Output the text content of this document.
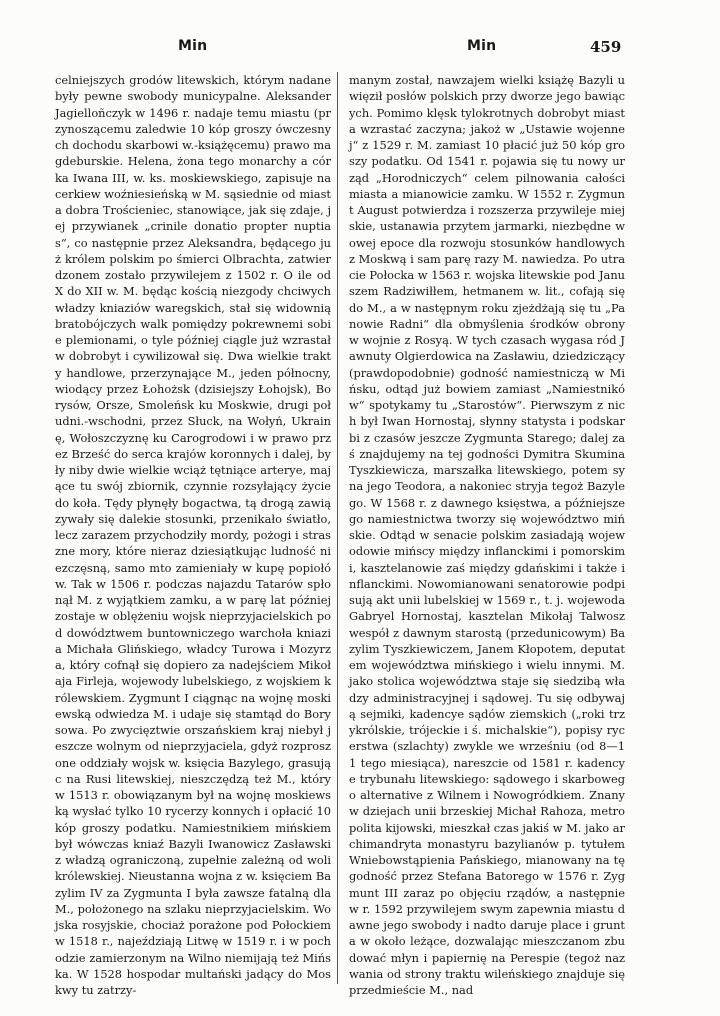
Min	Min	459

celniejszych grodów litewskich, którym nadane były pewne swobody municypalne. Aleksander Jagielloñczyk w 1496 r. nadaje temu miastu (przynoszącemu zaledwie 10 kóp groszy ówczesnych dochodu skarbowi w.-książęcemu) prawo magdeburskie. Helena, żona tego monarchy a córka Iwana III, w. ks. moskiewskiego, zapisuje na cerkiew woźniesieńską w M. sąsiednie od miasta dobra Trościeniec, stanowiące, jak się zdaje, jej przywianek „crinile donatio propter nuptias“, co następnie przez Aleksandra, będącego już królem polskim po śmierci Olbrachta, zatwierdzonem zostało przywilejem z 1502 r. O ile od X do XII w. M. będąc kością niezgody chciwych władzy kniaziów waregskich, stał się widownią bratobójczych walk pomiędzy pokrewnemi sobie plemionami, o tyle później ciągle już wzrastał w dobrobyt i cywilizował się. Dwa wielkie trakty handlowe, przerzynające M., jeden północny, wiodący przez Łohożsk (dzisiejszy Łohojsk), Borysów, Orsze, Smoleńsk ku Moskwie, drugi południ.-wschodni, przez Słuck, na Wołyń, Ukrainę, Wołoszczyznę ku Carogrodowi i w prawo przez Brześć do serca krajów koronnych i dalej, były niby dwie wielkie wciąż tętniące arterye, mające tu swój zbiornik, czynnie rozsyłający życie do koła. Tędy płynęły bogactwa, tą drogą zawiązywały się dalekie stosunki, przenikało światło, lecz zarazem przychodziły mordy, pożogi i straszne mory, które nieraz dziesiątkując ludność niezczęsną, samo mto zamieniały w kupę popiołów. Tak w 1506 r. podczas najazdu Tatarów spłonął M. z wyjątkiem zamku, a w parę lat później zostaje w oblężeniu wojsk nieprzyjacielskich pod dowództwem buntowniczego warchoła kniazia Michała Glińskiego, władcy Turowa i Mozyrza, który cofnął się dopiero za nadejściem Mikołaja Firleja, wojewody lubelskiego, z wojskiem królewskiem. Zygmunt I ciągnąc na wojnę moskiewską odwiedza M. i udaje się stamtąd do Borysowa. Po zwycięztwie orszańskiem kraj niebył jeszcze wolnym od nieprzyjaciela, gdyż rozproszone oddziały wojsk w. księcia Bazylego, grasując na Rusi litewskiej, nieszczędzą też M., który w 1513 r. obowiązanym był na wojnę moskiewską wysłać tylko 10 rycerzy konnych i opłacić 10 kóp groszy podatku. Namiestnikiem mińskiem był wówczas kniaź Bazyli Iwanowicz Zasławski z władzą ograniczoną, zupełnie zależną od woli królewskiej. Nieustanna wojna z w. księciem Bazylim IV za Zygmunta I była zawsze fatalną dla M., położonego na szlaku nieprzyjacielskim. Wojska rosyjskie, chociaż porażone pod Połockiem w 1518 r., najeździają Litwę w 1519 r. i w pochodzie zamierzonym na Wilno niemijają też Mińska. W 1528 hospodar multański jadący do Moskwy tu zatrzy-

manym został, nawzajem wielki książę Bazyli uwięził posłów polskich przy dworze jego bawiących. Pomimo klęsk tylokrotnych dobrobyt miasta wzrastać zaczyna; jakoż w „Ustawie wojennej“ z 1529 r. M. zamiast 10 płacić już 50 kóp groszy podatku. Od 1541 r. pojawia się tu nowy urząd „Horodniczych“ celem pilnowania całości miasta a mianowicie zamku. W 1552 r. Zygmunt August potwierdza i rozszerza przywileje miejskie, ustanawia przytem jarmarki, niezbędne w owej epoce dla rozwoju stosunków handlowych z Moskwą i sam parę razy M. nawiedza. Po utracie Połocka w 1563 r. wojska litewskie pod Januszem Radziwiłłem, hetmanem w. lit., cofają się do M., a w następnym roku zjeżdżają się tu „Panowie Radni“ dla obmyślenia środków obrony w wojnie z Rosyą. W tych czasach wygasa ród Jawnuty Olgierdowica na Zasławiu, dziedziczący (prawdopodobnie) godność namiestniczą w Mińsku, odtąd już bowiem zamiast „Namiestników“ spotykamy tu „Starostów“. Pierwszym z nich był Iwan Hornostaj, słynny statysta i podskarbi z czasów jeszcze Zygmunta Starego; dalej zaś znajdujemy na tej godności Dymitra Skumina Tyszkiewicza, marszałka litewskiego, potem syna jego Teodora, a nakoniec stryja tegoż Bazylego. W 1568 r. z dawnego księstwa, a późniejszego namiestnictwa tworzy się województwo mińskie. Odtąd w senacie polskim zasiadają wojewodowie mińscy między inflanckimi i pomorskimi, kasztelanowie zaś między gdańskimi i także inflanckimi. Nowomianowani senatorowie podpisują akt unii lubelskiej w 1569 r., t. j. wojewoda Gabryel Hornostaj, kasztelan Mikołaj Talwosz wespół z dawnym starostą (przedunicowym) Bazylim Tyszkiewiczem, Janem Kłopotem, deputatem województwa mińskiego i wielu innymi. M. jako stolica województwa staje się siedzibą władzy administracyjnej i sądowej. Tu się odbywają sejmiki, kadencye sądów ziemskich („roki trzykrólskie, trójeckie i ś. michalskie“), popisy rycerstwa (szlachty) zwykle we wrześniu (od 8—11 tego miesiąca), nareszcie od 1581 r. kadencye trybunału litewskiego: sądowego i skarbowego alternative z Wilnem i Nowogródkiem. Znany w dziejach unii brzeskiej Michał Rahoza, metropolita kijowski, mieszkał czas jakiś w M. jako archimandryta monastyru bazylianów p. tytułem Wniebowstąpienia Pańskiego, mianowany na tę godność przez Stefana Batorego w 1576 r. Zygmunt III zaraz po objęciu rządów, a następnie w r. 1592 przywilejem swym zapewnia miastu dawne jego swobody i nadto daruje place i grunta w około leżące, dozwalając mieszczanom zbudować młyn i papiernię na Perespie (tegoż nazwania od strony traktu wileńskiego znajduje się przedmieście M., nad
